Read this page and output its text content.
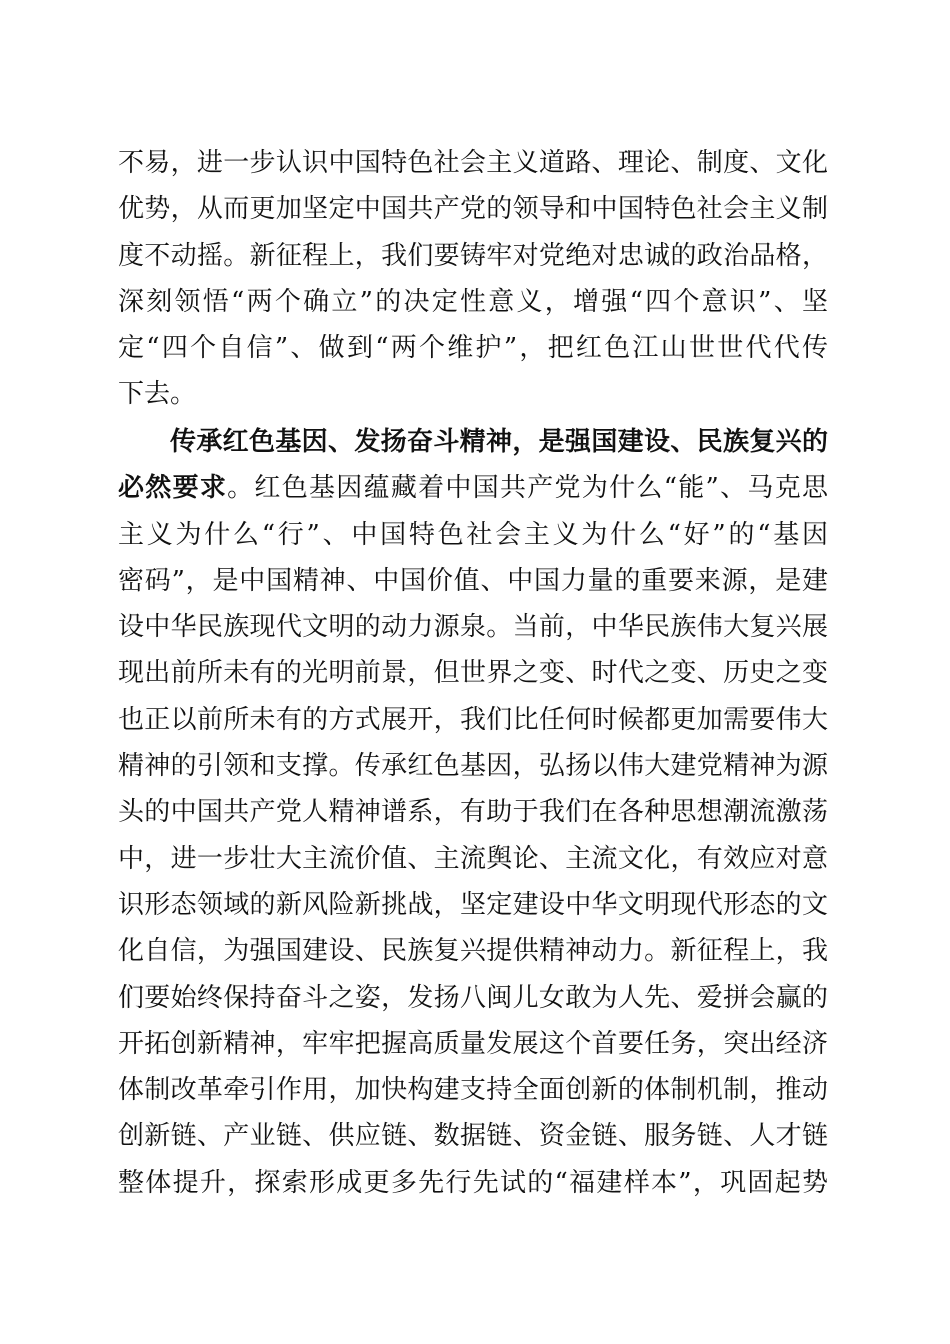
不易，进一步认识中国特色社会主义道路、理论、制度、文化
优势，从而更加坚定中国共产党的领导和中国特色社会主义制
度不动摇。新征程上，我们要铸牢对党绝对忠诚的政治品格，
深刻领悟“两个确立”的决定性意义，增强“四个意识”、坚
定“四个自信”、做到“两个维护”，把红色江山世世代代传
下去。
传承红色基因、发扬奋斗精神，是强国建设、民族复兴的
必然要求。红色基因蕴藏着中国共产党为什么“能”、马克思
主义为什么“行”、中国特色社会主义为什么“好”的“基因
密码”，是中国精神、中国价值、中国力量的重要来源，是建
设中华民族现代文明的动力源泉。当前，中华民族伟大复兴展
现出前所未有的光明前景，但世界之变、时代之变、历史之变
也正以前所未有的方式展开，我们比任何时候都更加需要伟大
精神的引领和支撑。传承红色基因，弘扬以伟大建党精神为源
头的中国共产党人精神谱系，有助于我们在各种思想潮流激荡
中，进一步壮大主流价值、主流舆论、主流文化，有效应对意
识形态领域的新风险新挑战，坚定建设中华文明现代形态的文
化自信，为强国建设、民族复兴提供精神动力。新征程上，我
们要始终保持奋斗之姿，发扬八闽儿女敢为人先、爱拼会赢的
开拓创新精神，牢牢把握高质量发展这个首要任务，突出经济
体制改革牵引作用，加快构建支持全面创新的体制机制，推动
创新链、产业链、供应链、数据链、资金链、服务链、人才链
整体提升，探索形成更多先行先试的“福建样本”，巩固起势
